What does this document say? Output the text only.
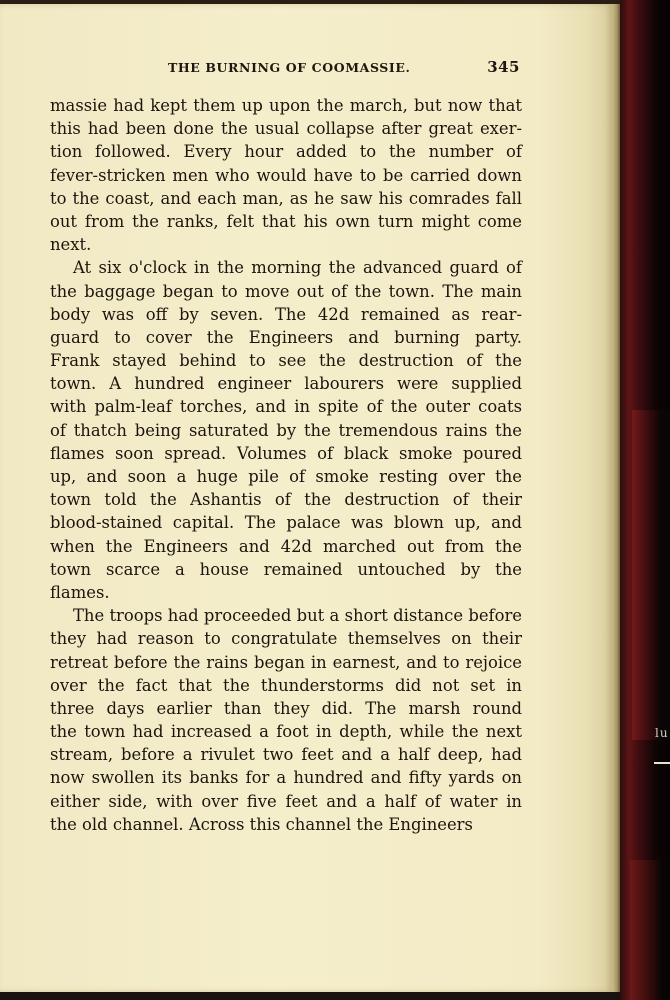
lu
THE BURNING OF COOMASSIE.	345
massie had kept them up upon the march, but now that
this had been done the usual collapse after great exer-
tion followed. Every hour added to the number of
fever-stricken men who would have to be carried down
to the coast, and each man, as he saw his comrades fall
out from the ranks, felt that his own turn might come
next.
At six o'clock in the morning the advanced guard of
the baggage began to move out of the town. The main
body was off by seven. The 42d remained as rear-
guard to cover the Engineers and burning party.
Frank stayed behind to see the destruction of the
town. A hundred engineer labourers were supplied
with palm-leaf torches, and in spite of the outer coats
of thatch being saturated by the tremendous rains the
flames soon spread. Volumes of black smoke poured
up, and soon a huge pile of smoke resting over the
town told the Ashantis of the destruction of their
blood-stained capital. The palace was blown up, and
when the Engineers and 42d marched out from the
town scarce a house remained untouched by the
flames.
The troops had proceeded but a short distance before
they had reason to congratulate themselves on their
retreat before the rains began in earnest, and to rejoice
over the fact that the thunderstorms did not set in
three days earlier than they did. The marsh round
the town had increased a foot in depth, while the next
stream, before a rivulet two feet and a half deep, had
now swollen its banks for a hundred and fifty yards on
either side, with over five feet and a half of water in
the old channel. Across this channel the Engineers
